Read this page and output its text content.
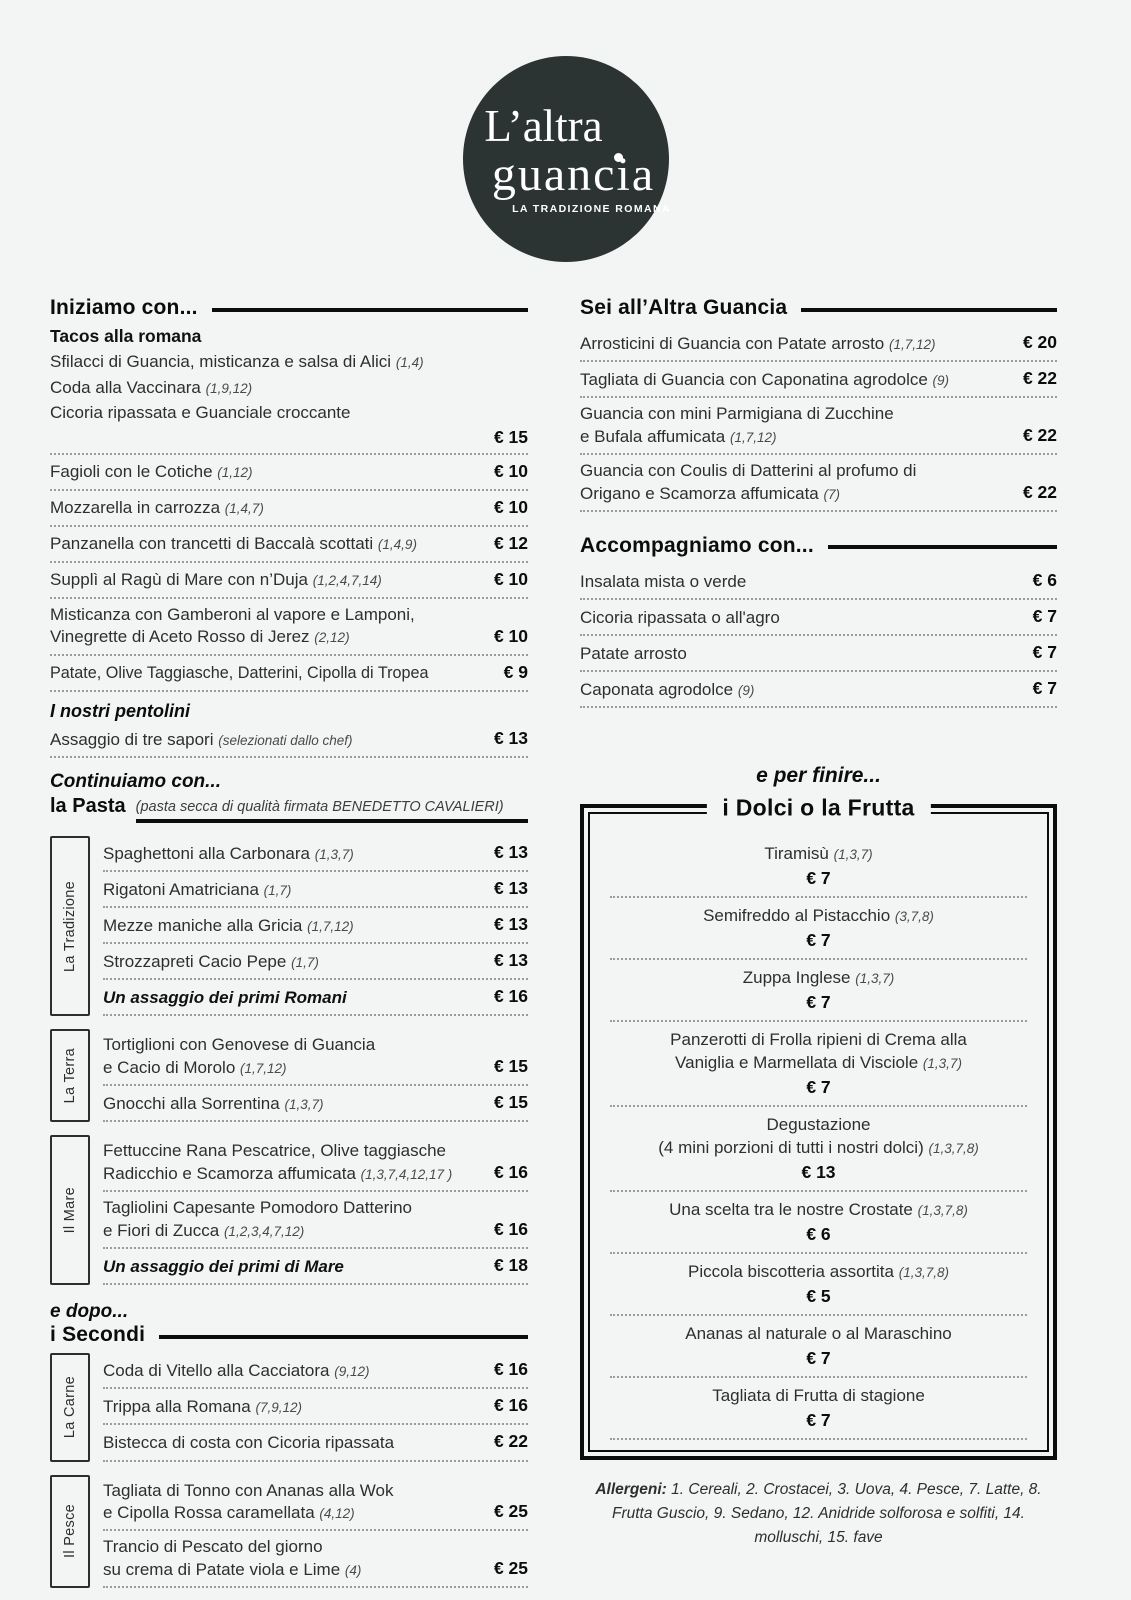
L’altra
guancia
LA TRADIZIONE ROMANA
Iniziamo con...
Tacos alla romana
Sfilacci di Guancia, misticanza e salsa di Alici (1,4)
Coda alla Vaccinara (1,9,12)
Cicoria ripassata e Guanciale croccante
€ 15
Fagioli con le Cotiche (1,12)	€ 10
Mozzarella in carrozza (1,4,7)	€ 10
Panzanella con trancetti di Baccalà scottati (1,4,9)	€ 12
Supplì al Ragù di Mare con n’Duja (1,2,4,7,14)	€ 10
Misticanza con Gamberoni al vapore e Lamponi,
Vinegrette di Aceto Rosso di Jerez (2,12)	€ 10
Patate, Olive Taggiasche, Datterini, Cipolla di Tropea	€ 9
I nostri pentolini
Assaggio di tre sapori (selezionati dallo chef)	€ 13
Continuiamo con...
la Pasta (pasta secca di qualità firmata BENEDETTO CAVALIERI)
La Tradizione
Spaghettoni alla Carbonara (1,3,7)	€ 13
Rigatoni Amatriciana (1,7)	€ 13
Mezze maniche alla Gricia (1,7,12)	€ 13
Strozzapreti Cacio Pepe (1,7)	€ 13
Un assaggio dei primi Romani	€ 16
La Terra
Tortiglioni con Genovese di Guancia
e Cacio di Morolo (1,7,12)	€ 15
Gnocchi alla Sorrentina (1,3,7)	€ 15
Il Mare
Fettuccine Rana Pescatrice, Olive taggiasche
Radicchio e Scamorza affumicata (1,3,7,4,12,17 ) € 16
Tagliolini Capesante Pomodoro Datterino
e Fiori di Zucca (1,2,3,4,7,12)	€ 16
Un assaggio dei primi di Mare	€ 18
e dopo...
i Secondi
La Carne
Coda di Vitello alla Cacciatora (9,12)	€ 16
Trippa alla Romana (7,9,12)	€ 16
Bistecca di costa con Cicoria ripassata	€ 22
Il Pesce
Tagliata di Tonno con Ananas alla Wok
e Cipolla Rossa caramellata (4,12)	€ 25
Trancio di Pescato del giorno
su crema di Patate viola e Lime (4)	€ 25
Sei all’Altra Guancia
Arrosticini di Guancia con Patate arrosto (1,7,12)	€ 20
Tagliata di Guancia con Caponatina agrodolce (9)	€ 22
Guancia con mini Parmigiana di Zucchine
e Bufala affumicata (1,7,12)	€ 22
Guancia con Coulis di Datterini al profumo di
Origano e Scamorza affumicata (7)	€ 22
Accompagniamo con...
Insalata mista o verde	€ 6
Cicoria ripassata o all'agro	€ 7
Patate arrosto	€ 7
Caponata agrodolce (9)	€ 7
e per finire...
i Dolci o la Frutta
Tiramisù (1,3,7)
€ 7
Semifreddo al Pistacchio (3,7,8)
€ 7
Zuppa Inglese (1,3,7)
€ 7
Panzerotti di Frolla ripieni di Crema alla
Vaniglia e Marmellata di Visciole (1,3,7)
€ 7
Degustazione
(4 mini porzioni di tutti i nostri dolci) (1,3,7,8)
€ 13
Una scelta tra le nostre Crostate (1,3,7,8)
€ 6
Piccola biscotteria assortita (1,3,7,8)
€ 5
Ananas al naturale o al Maraschino
€ 7
Tagliata di Frutta di stagione
€ 7
Allergeni: 1. Cereali, 2. Crostacei, 3. Uova, 4. Pesce, 7. Latte, 8. Frutta Guscio, 9. Sedano, 12. Anidride solforosa e solfiti, 14. molluschi, 15. fave
